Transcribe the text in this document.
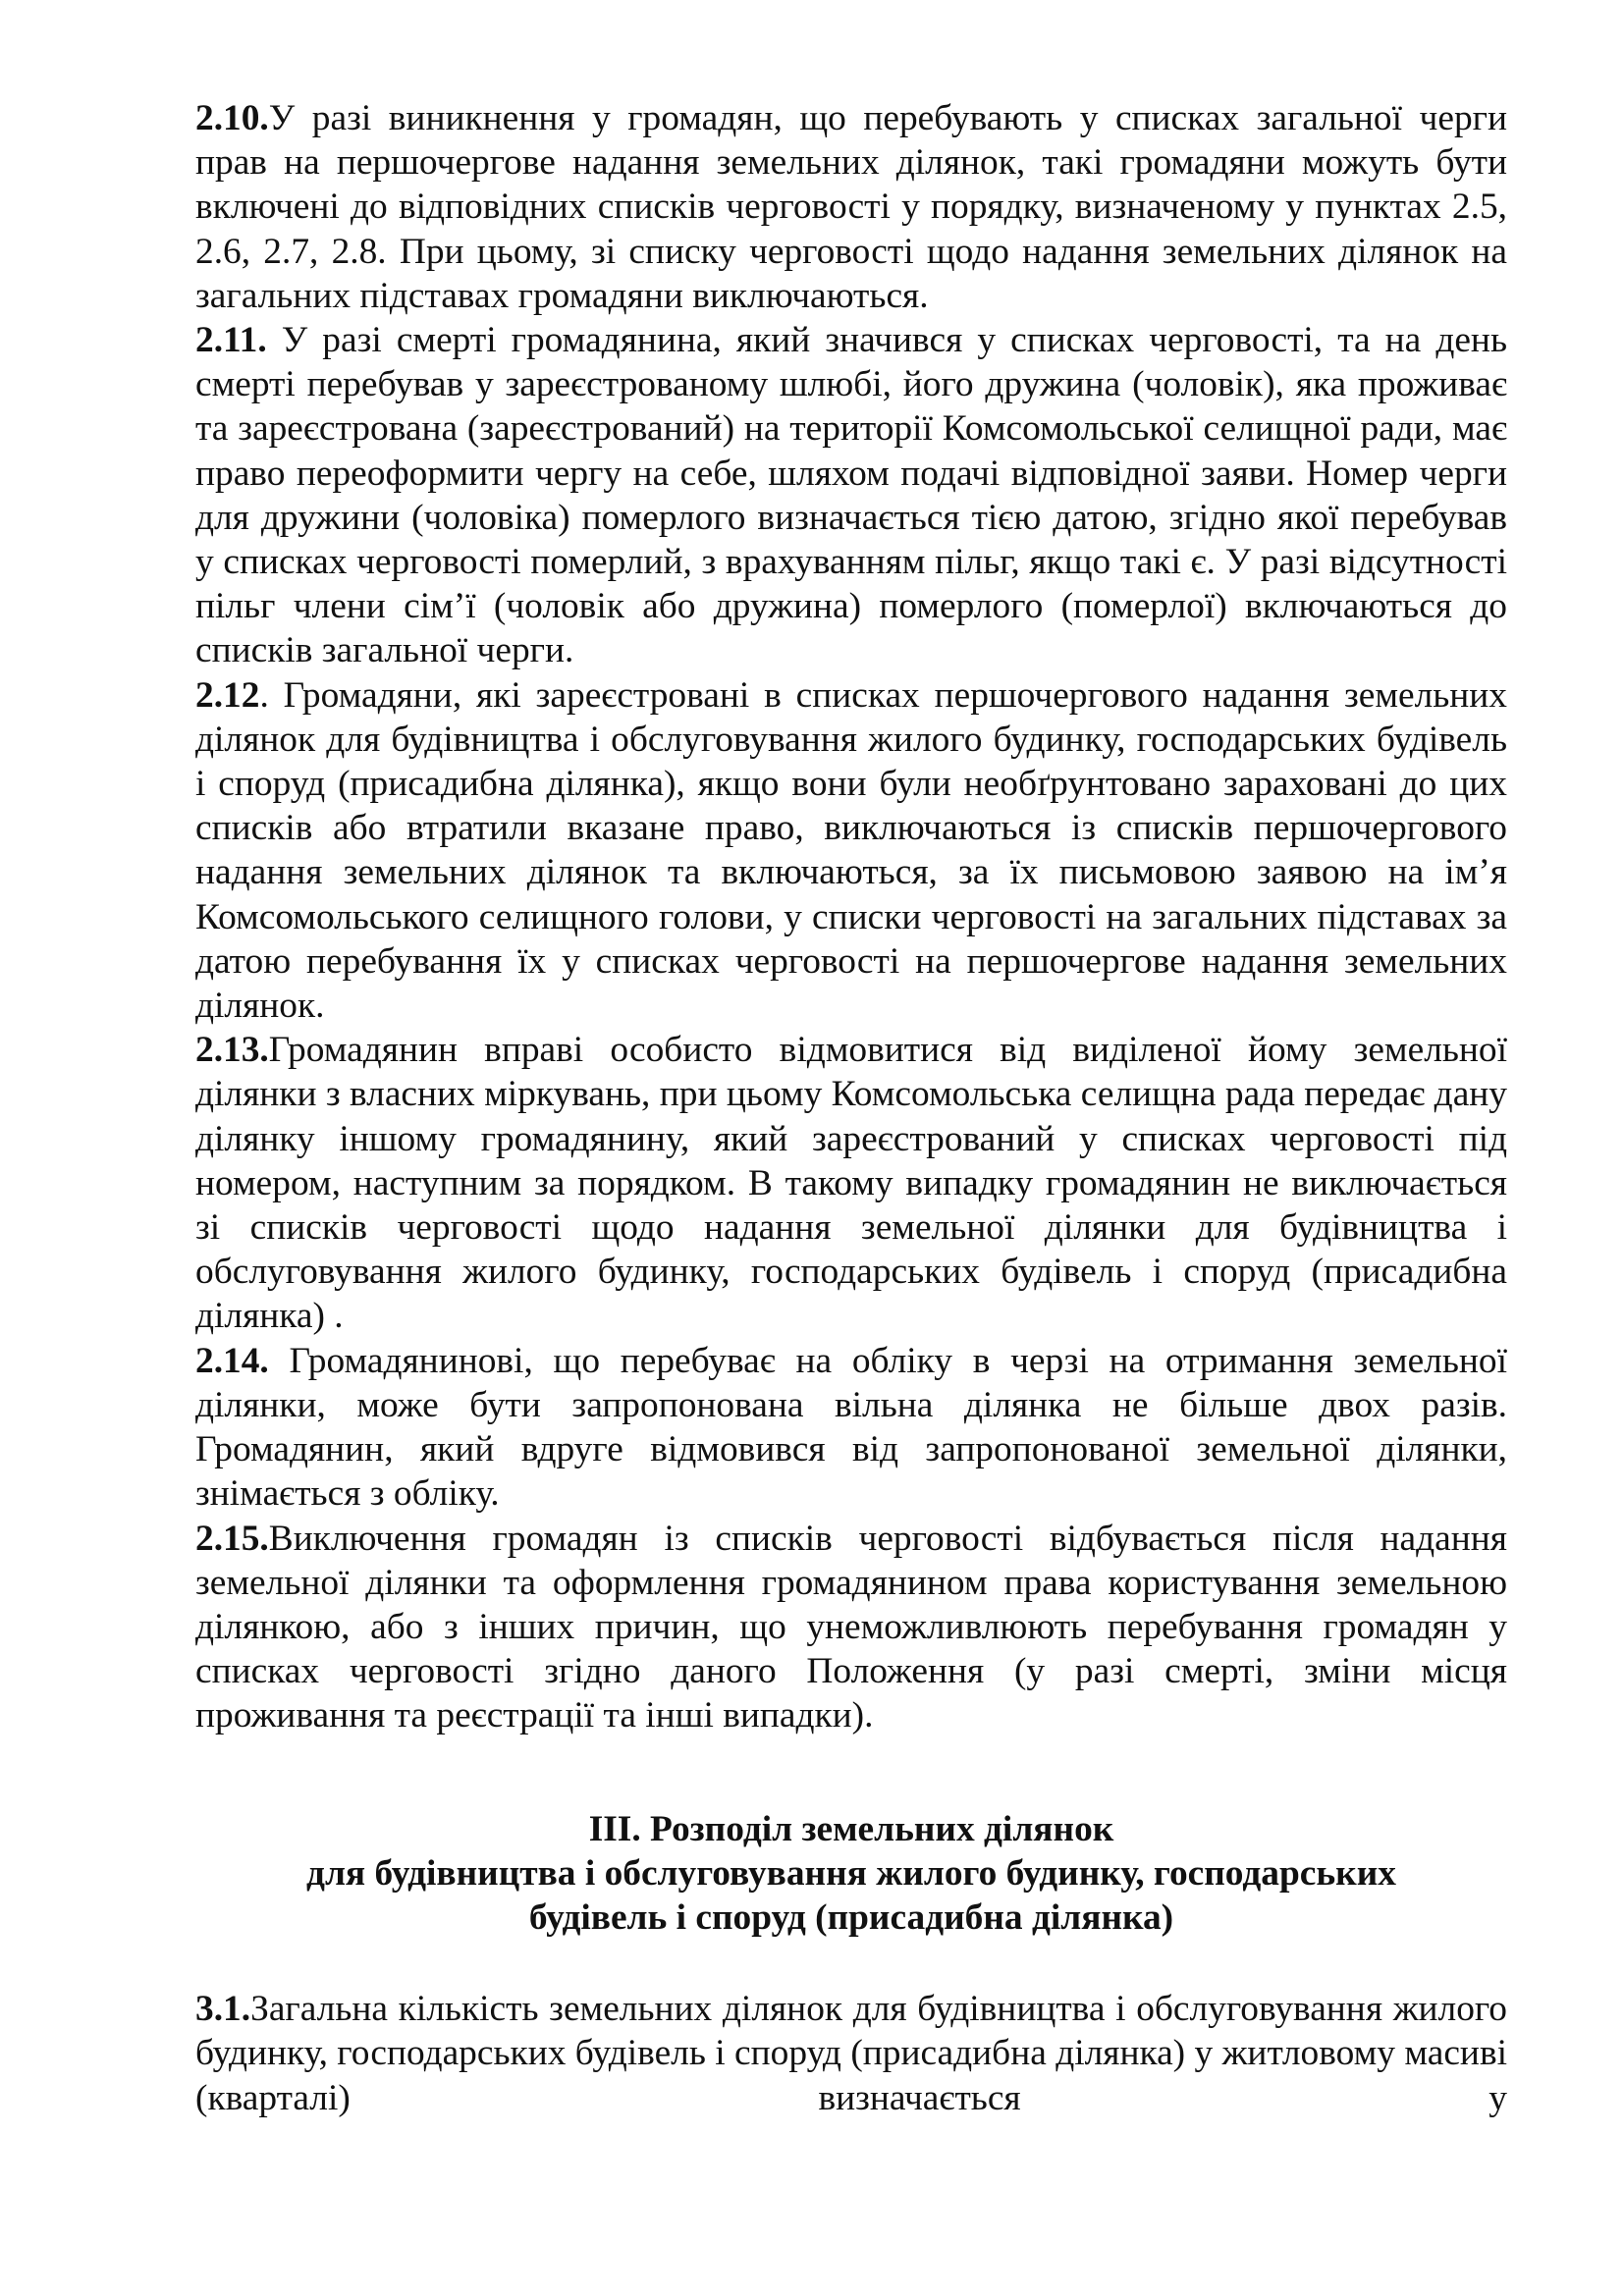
2.10.У разі виникнення у громадян, що перебувають у списках загальної черги прав на першочергове надання земельних ділянок, такі громадяни можуть бути включені до відповідних списків черговості у порядку, визначеному у пунктах 2.5, 2.6, 2.7, 2.8. При цьому, зі списку черговості щодо надання земельних ділянок на загальних підставах громадяни виключаються.

2.11. У разі смерті громадянина, який значився у списках черговості, та на день смерті перебував у зареєстрованому шлюбі, його дружина (чоловік), яка проживає та зареєстрована (зареєстрований) на території Комсомольської селищної ради, має право переоформити чергу на себе, шляхом подачі відповідної заяви. Номер черги для дружини (чоловіка) померлого визначається тією датою, згідно якої перебував у списках черговості померлий, з врахуванням пільг, якщо такі є. У разі відсутності пільг члени сім’ї (чоловік або дружина) померлого (померлої) включаються до списків загальної черги.

2.12. Громадяни, які зареєстровані в списках першочергового надання земельних ділянок для будівництва і обслуговування жилого будинку, господарських будівель і споруд (присадибна ділянка), якщо вони були необґрунтовано зараховані до цих списків або втратили вказане право, виключаються із списків першочергового надання земельних ділянок та включаються, за їх письмовою заявою на ім’я Комсомольського селищного голови, у списки черговості на загальних підставах за датою перебування їх у списках черговості на першочергове надання земельних ділянок.

2.13.Громадянин вправі особисто відмовитися від виділеної йому земельної ділянки з власних міркувань, при цьому Комсомольська селищна рада передає дану ділянку іншому громадянину, який зареєстрований у списках черговості під номером, наступним за порядком. В такому випадку громадянин не виключається зі списків черговості щодо надання земельної ділянки для будівництва і обслуговування жилого будинку, господарських будівель і споруд (присадибна ділянка) .

2.14. Громадянинові, що перебуває на обліку в черзі на отримання земельної ділянки, може бути запропонована вільна ділянка не більше двох разів. Громадянин, який вдруге відмовився від запропонованої земельної ділянки, знімається з обліку.

2.15.Виключення громадян із списків черговості відбувається після надання земельної ділянки та оформлення громадянином права користування земельною ділянкою, або з інших причин, що унеможливлюють перебування громадян у списках черговості згідно даного Положення (у разі смерті, зміни місця проживання та реєстрації та інші випадки).

ІІІ. Розподіл земельних ділянок
для будівництва і обслуговування жилого будинку, господарських
будівель і споруд (присадибна ділянка)

3.1.Загальна кількість земельних ділянок для будівництва і обслуговування жилого будинку, господарських будівель і споруд (присадибна ділянка) у житловому масиві (кварталі) визначається у
